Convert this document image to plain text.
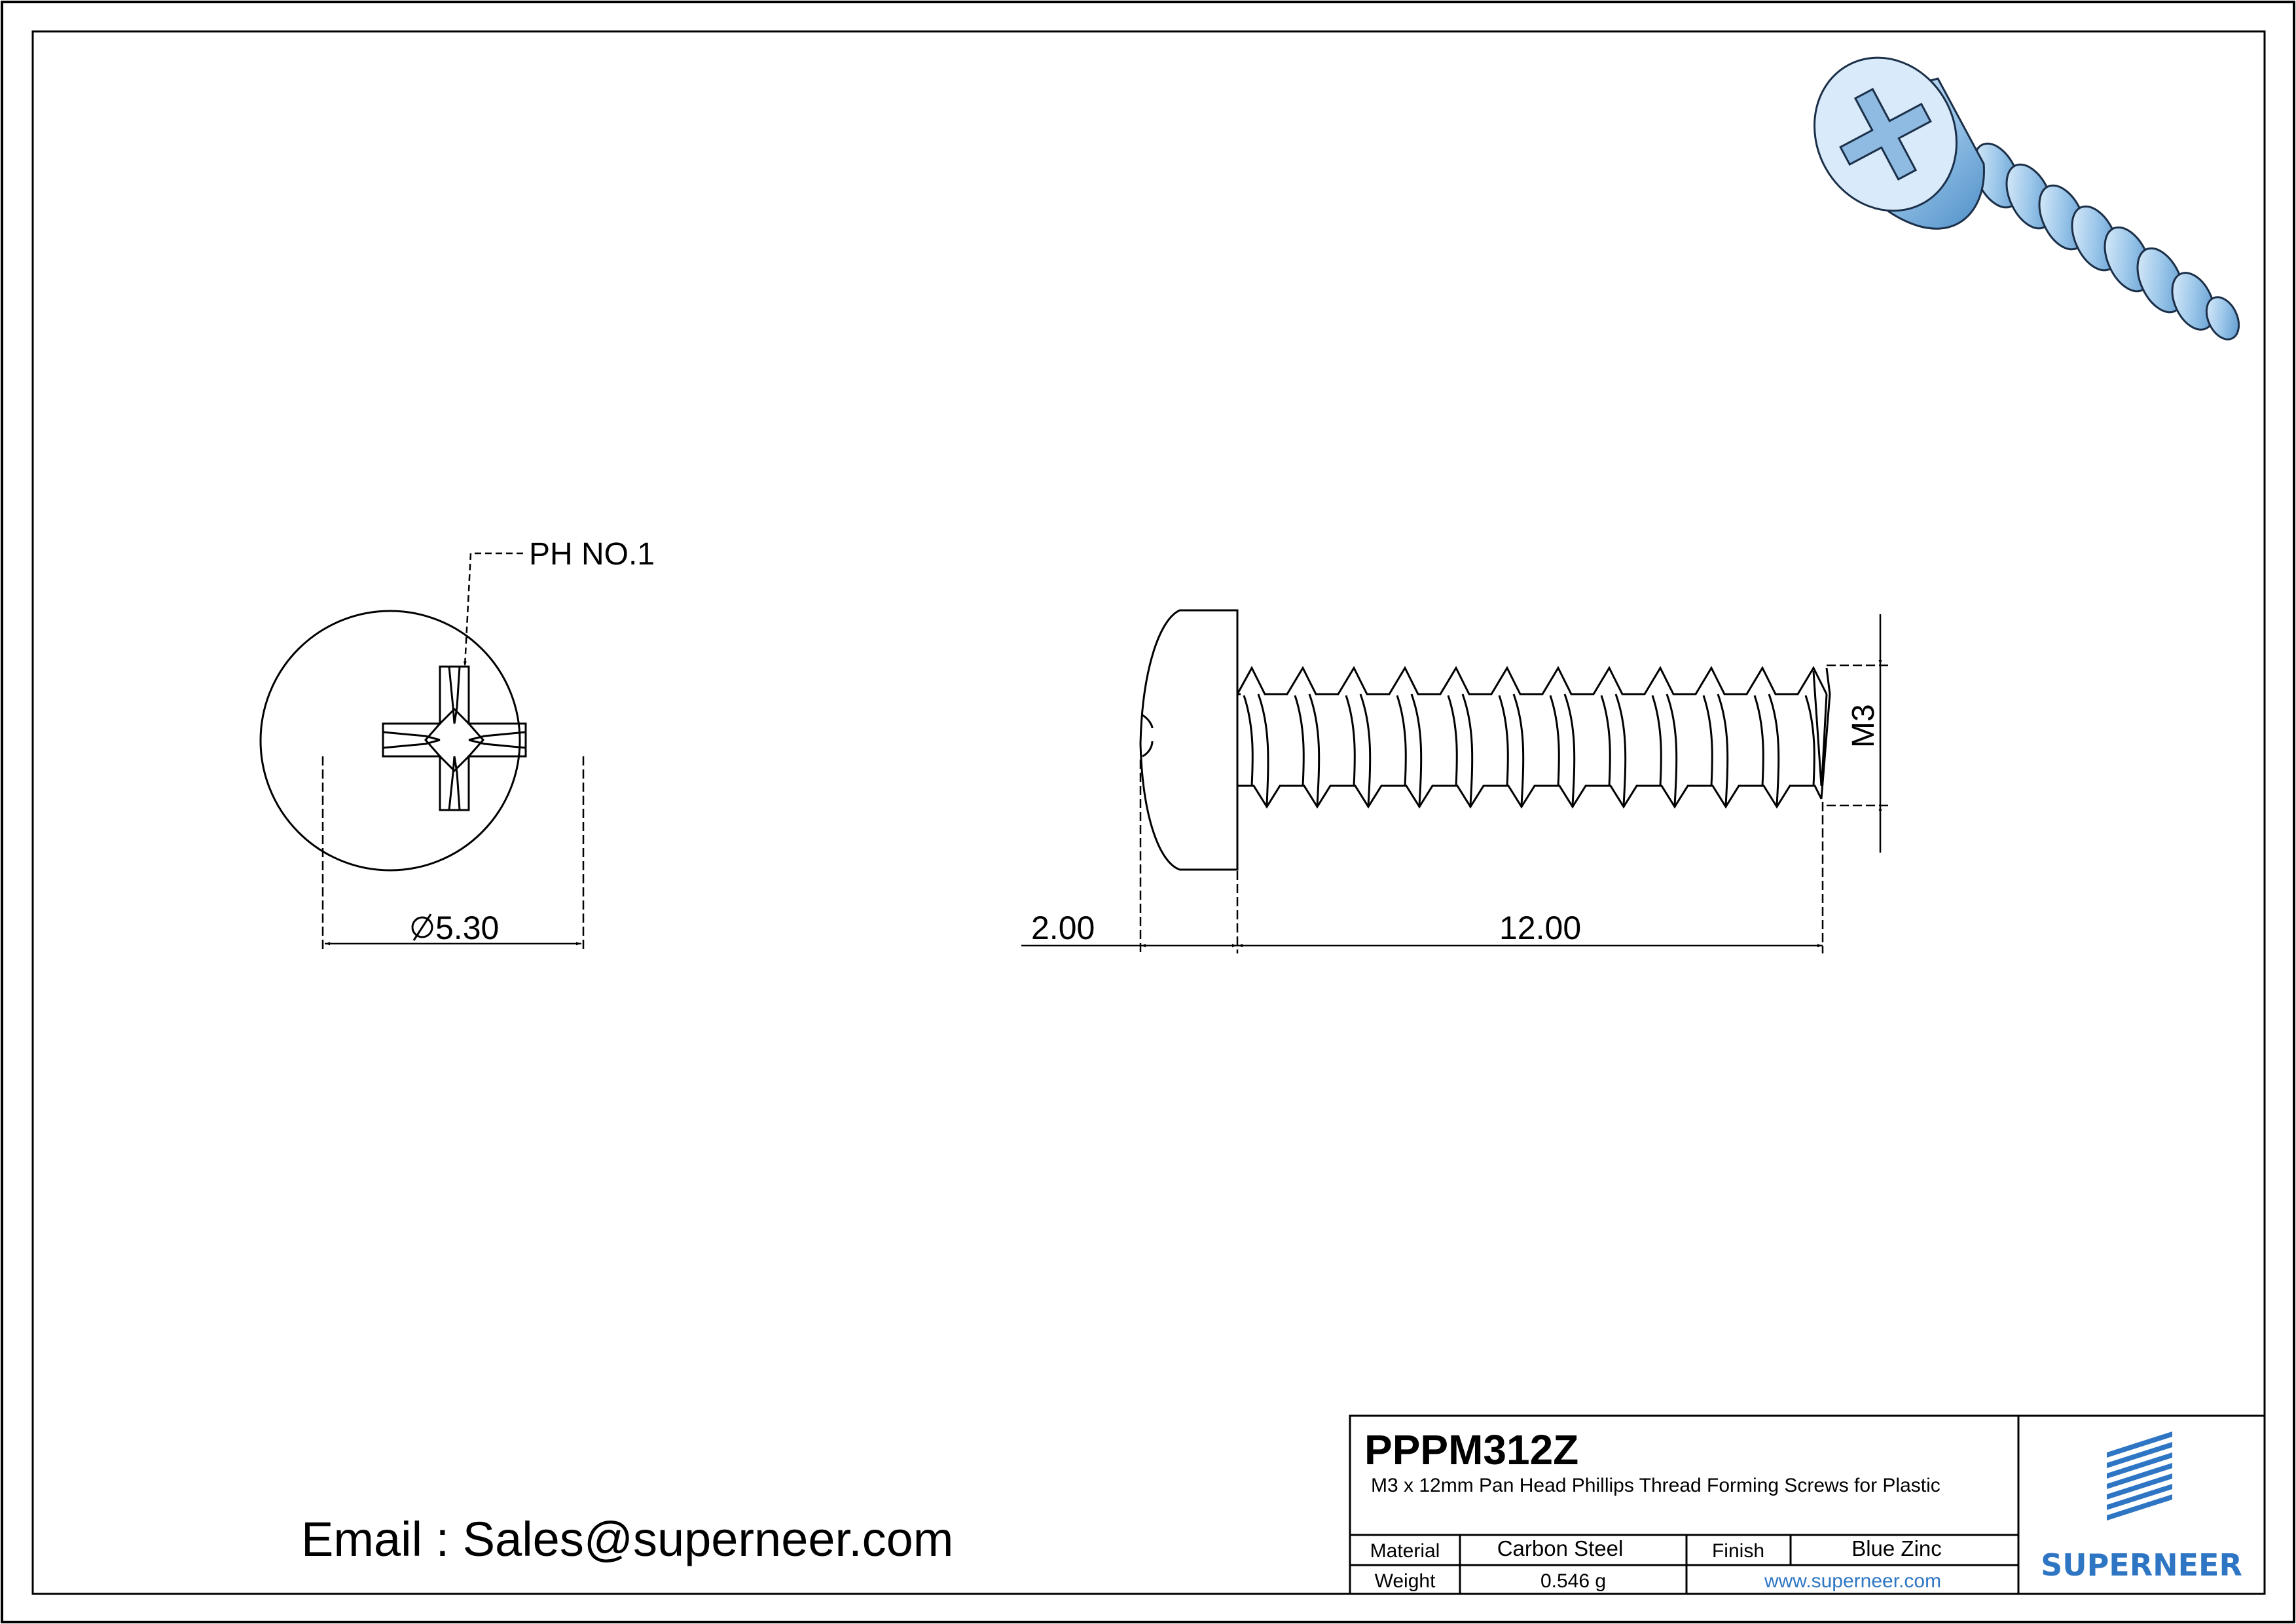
PH NO.1
5.30	2.00	12.00
M3
Email : Sales@superneer.com
PPPM312Z
M3 x 12mm Pan Head Phillips Thread Forming Screws for Plastic
Material	Carbon Steel	Finish	Blue Zinc
Weight	0.546 g	www.superneer.com	SUPERNEER
